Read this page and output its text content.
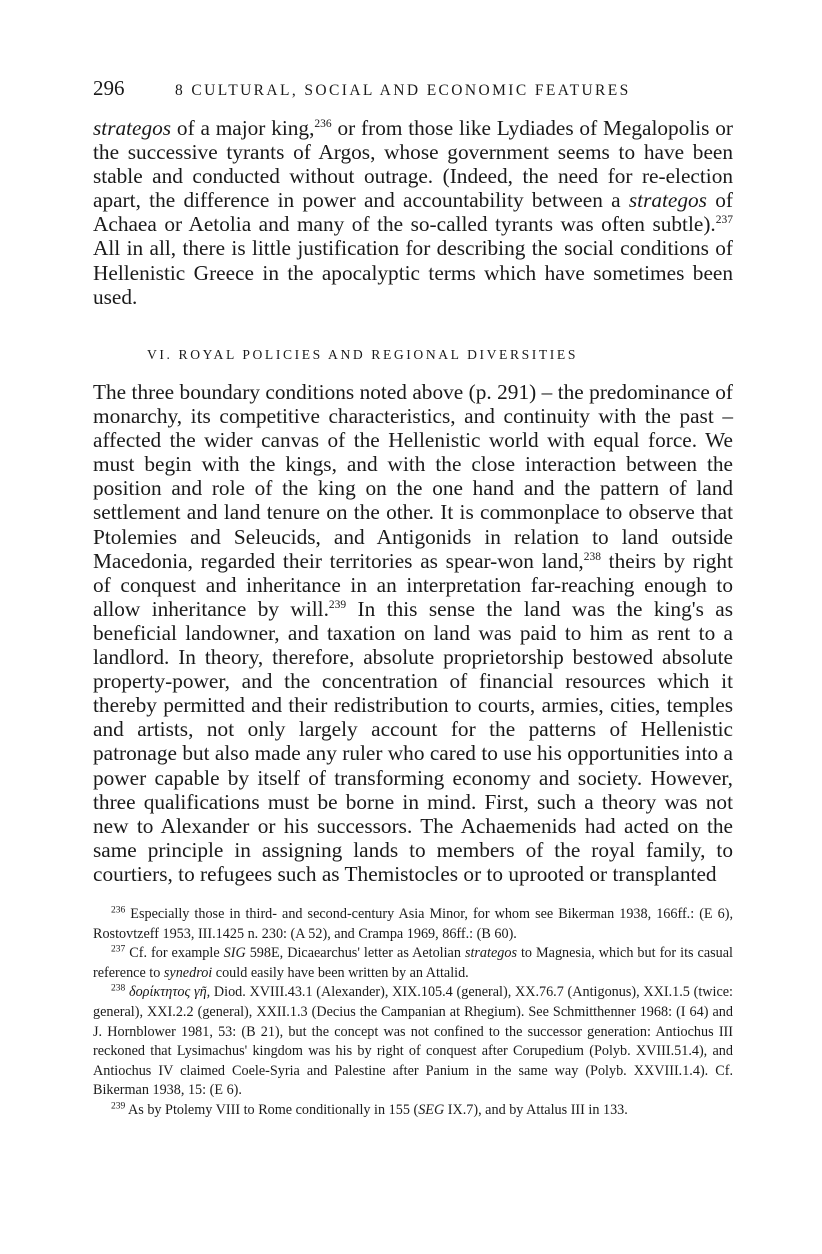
296	8 CULTURAL, SOCIAL AND ECONOMIC FEATURES
strategos of a major king,$^{236}$ or from those like Lydiades of Megalopolis or the successive tyrants of Argos, whose government seems to have been stable and conducted without outrage. (Indeed, the need for re-election apart, the difference in power and accountability between a strategos of Achaea or Aetolia and many of the so-called tyrants was often subtle).$^{237}$ All in all, there is little justification for describing the social conditions of Hellenistic Greece in the apocalyptic terms which have sometimes been used.
VI. ROYAL POLICIES AND REGIONAL DIVERSITIES
The three boundary conditions noted above (p. 291) – the predominance of monarchy, its competitive characteristics, and continuity with the past – affected the wider canvas of the Hellenistic world with equal force. We must begin with the kings, and with the close interaction between the position and role of the king on the one hand and the pattern of land settlement and land tenure on the other. It is commonplace to observe that Ptolemies and Seleucids, and Antigonids in relation to land outside Macedonia, regarded their territories as spear-won land,$^{238}$ theirs by right of conquest and inheritance in an interpretation far-reaching enough to allow inheritance by will.$^{239}$ In this sense the land was the king's as beneficial landowner, and taxation on land was paid to him as rent to a landlord. In theory, therefore, absolute proprietorship bestowed absolute property-power, and the concentration of financial resources which it thereby permitted and their redistribution to courts, armies, cities, temples and artists, not only largely account for the patterns of Hellenistic patronage but also made any ruler who cared to use his opportunities into a power capable by itself of transforming economy and society. However, three qualifications must be borne in mind. First, such a theory was not new to Alexander or his successors. The Achaemenids had acted on the same principle in assigning lands to members of the royal family, to courtiers, to refugees such as Themistocles or to uprooted or transplanted

$^{236}$ Especially those in third- and second-century Asia Minor, for whom see Bikerman 1938, 166ff.: (E 6), Rostovtzeff 1953, III.1425 n. 230: (A 52), and Crampa 1969, 86ff.: (B 60).

$^{237}$ Cf. for example SIG 598E, Dicaearchus' letter as Aetolian strategos to Magnesia, which but for its casual reference to synedroi could easily have been written by an Attalid.

$^{238}$ δορίκτητος γῆ, Diod. XVIII.43.1 (Alexander), XIX.105.4 (general), XX.76.7 (Antigonus), XXI.1.5 (twice: general), XXI.2.2 (general), XXII.1.3 (Decius the Campanian at Rhegium). See Schmitthenner 1968: (I 64) and J. Hornblower 1981, 53: (B 21), but the concept was not confined to the successor generation: Antiochus III reckoned that Lysimachus' kingdom was his by right of conquest after Corupedium (Polyb. XVIII.51.4), and Antiochus IV claimed Coele-Syria and Palestine after Panium in the same way (Polyb. XXVIII.1.4). Cf. Bikerman 1938, 15: (E 6).

$^{239}$ As by Ptolemy VIII to Rome conditionally in 155 (SEG IX.7), and by Attalus III in 133.
